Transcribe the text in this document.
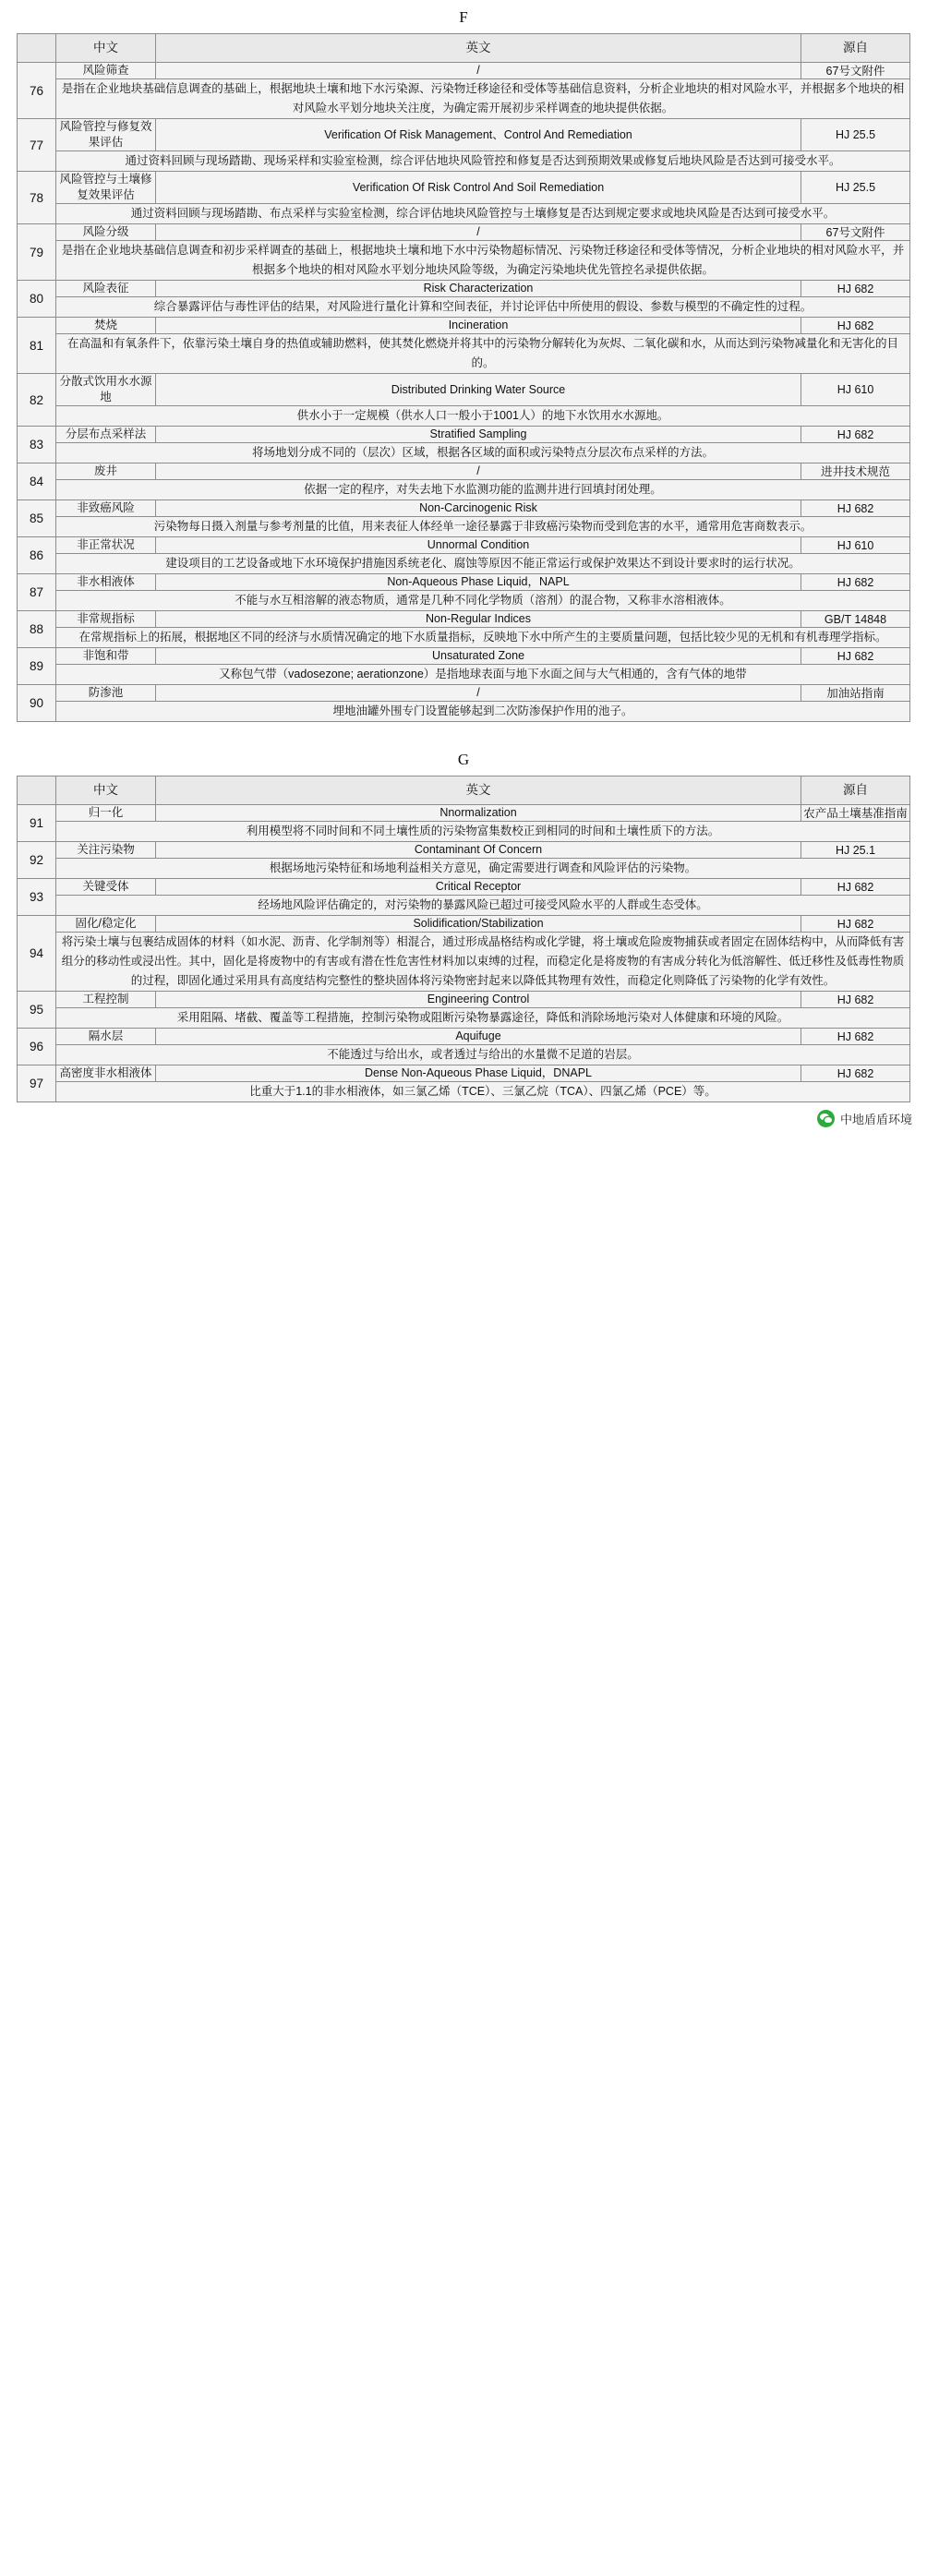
F
	中文	英文	源自
76	风险筛查	/	67号文附件
	是指在企业地块基础信息调查的基础上，根据地块土壤和地下水污染源、污染物迁移途径和受体等基础信息资料，分析企业地块的相对风险水平，并根据多个地块的相对风险水平划分地块关注度，为确定需开展初步采样调查的地块提供依据。		
77	风险管控与修复效果评估	Verification Of Risk Management、Control And Remediation	HJ 25.5
	通过资料回顾与现场踏勘、现场采样和实验室检测，综合评估地块风险管控和修复是否达到预期效果或修复后地块风险是否达到可接受水平。		
78	风险管控与土壤修复效果评估	Verification Of Risk Control And Soil Remediation	HJ 25.5
	通过资料回顾与现场踏勘、布点采样与实验室检测，综合评估地块风险管控与土壤修复是否达到规定要求或地块风险是否达到可接受水平。		
79	风险分级	/	67号文附件
	是指在企业地块基础信息调查和初步采样调查的基础上，根据地块土壤和地下水中污染物超标情况、污染物迁移途径和受体等情况，分析企业地块的相对风险水平，并根据多个地块的相对风险水平划分地块风险等级，为确定污染地块优先管控名录提供依据。		
80	风险表征	Risk Characterization	HJ 682
	综合暴露评估与毒性评估的结果，对风险进行量化计算和空间表征，并讨论评估中所使用的假设、参数与模型的不确定性的过程。		
81	焚烧	Incineration	HJ 682
	在高温和有氧条件下，依靠污染土壤自身的热值或辅助燃料，使其焚化燃烧并将其中的污染物分解转化为灰烬、二氧化碳和水，从而达到污染物减量化和无害化的目的。		
82	分散式饮用水水源地	Distributed Drinking Water Source	HJ 610
	供水小于一定规模（供水人口一般小于1001人）的地下水饮用水水源地。		
83	分层布点采样法	Stratified Sampling	HJ 682
	将场地划分成不同的（层次）区域，根据各区域的面积或污染特点分层次布点采样的方法。		
84	废井	/	进井技术规范
	依据一定的程序，对失去地下水监测功能的监测井进行回填封闭处理。		
85	非致癌风险	Non-Carcinogenic Risk	HJ 682
	污染物每日摄入剂量与参考剂量的比值，用来表征人体经单一途径暴露于非致癌污染物而受到危害的水平，通常用危害商数表示。		
86	非正常状况	Unnormal Condition	HJ 610
	建设项目的工艺设备或地下水环境保护措施因系统老化、腐蚀等原因不能正常运行或保护效果达不到设计要求时的运行状况。		
87	非水相液体	Non-Aqueous Phase Liquid，NAPL	HJ 682
	不能与水互相溶解的液态物质，通常是几种不同化学物质（溶剂）的混合物，又称非水溶相液体。		
88	非常规指标	Non-Regular Indices	GB/T 14848
	在常规指标上的拓展，根据地区不同的经济与水质情况确定的地下水质量指标，反映地下水中所产生的主要质量问题，包括比较少见的无机和有机毒理学指标。		
89	非饱和带	Unsaturated Zone	HJ 682
	又称包气带（vadosezone; aerationzone）是指地球表面与地下水面之间与大气相通的，含有气体的地带		
90	防渗池	/	加油站指南
	埋地油罐外围专门设置能够起到二次防渗保护作用的池子。		
G
	中文	英文	源自
91	归一化	Nnormalization	农产品土壤基准指南
	利用模型将不同时间和不同土壤性质的污染物富集数校正到相同的时间和土壤性质下的方法。		
92	关注污染物	Contaminant Of Concern	HJ 25.1
	根据场地污染特征和场地利益相关方意见，确定需要进行调查和风险评估的污染物。		
93	关键受体	Critical Receptor	HJ 682
	经场地风险评估确定的，对污染物的暴露风险已超过可接受风险水平的人群或生态受体。		
94	固化/稳定化	Solidification/Stabilization	HJ 682
	将污染土壤与包裹结成固体的材料（如水泥、沥青、化学制剂等）相混合，通过形成晶格结构或化学键，将土壤或危险废物捕获或者固定在固体结构中，从而降低有害组分的移动性或浸出性。其中，固化是将废物中的有害或有潜在性危害性材料加以束缚的过程，而稳定化是将废物的有害成分转化为低溶解性、低迁移性及低毒性物质的过程，即固化通过采用具有高度结构完整性的整块固体将污染物密封起来以降低其物理有效性，而稳定化则降低了污染物的化学有效性。		
95	工程控制	Engineering Control	HJ 682
	采用阻隔、堵截、覆盖等工程措施，控制污染物或阻断污染物暴露途径，降低和消除场地污染对人体健康和环境的风险。		
96	隔水层	Aquifuge	HJ 682
	不能透过与给出水，或者透过与给出的水量微不足道的岩层。		
97	高密度非水相液体	Dense Non-Aqueous Phase Liquid，DNAPL	HJ 682
	比重大于1.1的非水相液体，如三氯乙烯（TCE）、三氯乙烷（TCA）、四氯乙烯（PCE）等。		
中地盾盾环境
